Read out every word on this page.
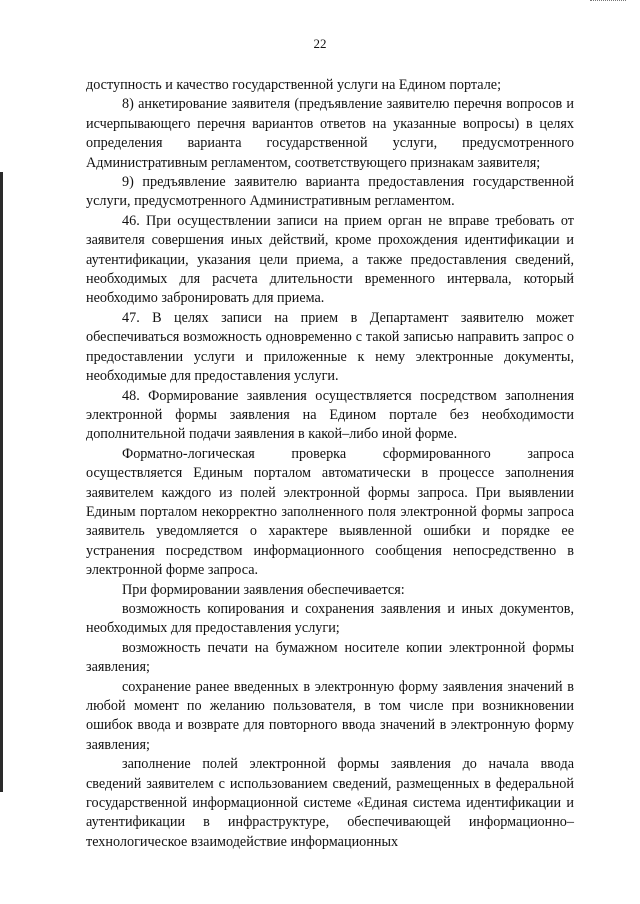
22

доступность и качество государственной услуги на Едином портале;

8) анкетирование заявителя (предъявление заявителю перечня вопросов и исчерпывающего перечня вариантов ответов на указанные вопросы) в целях определения варианта государственной услуги, предусмотренного Административным регламентом, соответствующего признакам заявителя;

9) предъявление заявителю варианта предоставления государственной услуги, предусмотренного Административным регламентом.

46. При осуществлении записи на прием орган не вправе требовать от заявителя совершения иных действий, кроме прохождения идентификации и аутентификации, указания цели приема, а также предоставления сведений, необходимых для расчета длительности временного интервала, который необходимо забронировать для приема.

47. В целях записи на прием в Департамент заявителю может обеспечиваться возможность одновременно с такой записью направить запрос о предоставлении услуги и приложенные к нему электронные документы, необходимые для предоставления услуги.

48. Формирование заявления осуществляется посредством заполнения электронной формы заявления на Едином портале без необходимости дополнительной подачи заявления в какой–либо иной форме.

Форматно-логическая проверка сформированного запроса осуществляется Единым порталом автоматически в процессе заполнения заявителем каждого из полей электронной формы запроса. При выявлении Единым порталом некорректно заполненного поля электронной формы запроса заявитель уведомляется о характере выявленной ошибки и порядке ее устранения посредством информационного сообщения непосредственно в электронной форме запроса.

При формировании заявления обеспечивается:

возможность копирования и сохранения заявления и иных документов, необходимых для предоставления услуги;

возможность печати на бумажном носителе копии электронной формы заявления;

сохранение ранее введенных в электронную форму заявления значений в любой момент по желанию пользователя, в том числе при возникновении ошибок ввода и возврате для повторного ввода значений в электронную форму заявления;

заполнение полей электронной формы заявления до начала ввода сведений заявителем с использованием сведений, размещенных в федеральной государственной информационной системе «Единая система идентификации и аутентификации в инфраструктуре, обеспечивающей информационно–технологическое взаимодействие информационных
